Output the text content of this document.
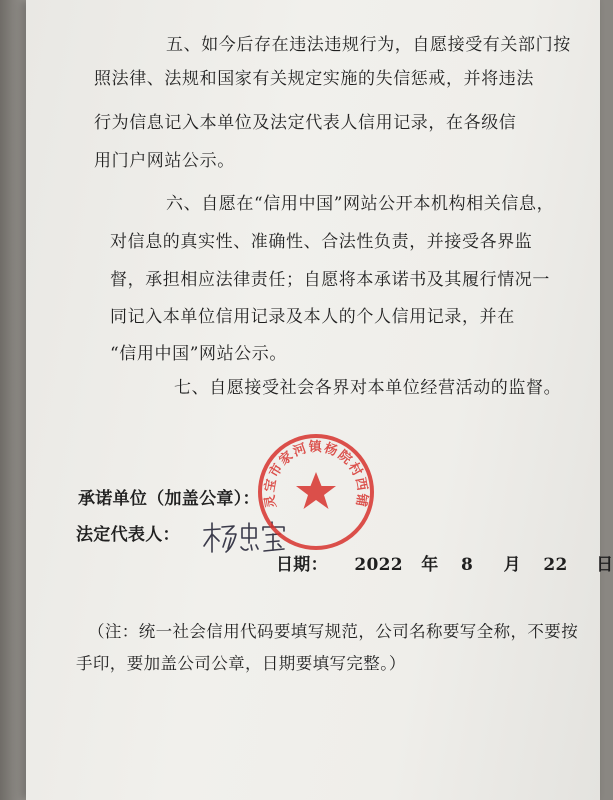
五、如今后存在违法违规行为，自愿接受有关部门按
照法律、法规和国家有关规定实施的失信惩戒，并将违法
行为信息记入本单位及法定代表人信用记录，在各级信
用门户网站公示。
六、自愿在“信用中国”网站公开本机构相关信息，
对信息的真实性、准确性、合法性负责，并接受各界监
督，承担相应法律责任；自愿将本承诺书及其履行情况一
同记入本单位信用记录及本人的个人信用记录，并在
“信用中国”网站公示。
七、自愿接受社会各界对本单位经营活动的监督。
承诺单位（加盖公章）：
法定代表人：
日期： 2022 年 8 月 22 日
（注：统一社会信用代码要填写规范，公司名称要写全称，不要按
手印，要加盖公司公章，日期要填写完整。）
灵宝市家河镇杨院村西铺
